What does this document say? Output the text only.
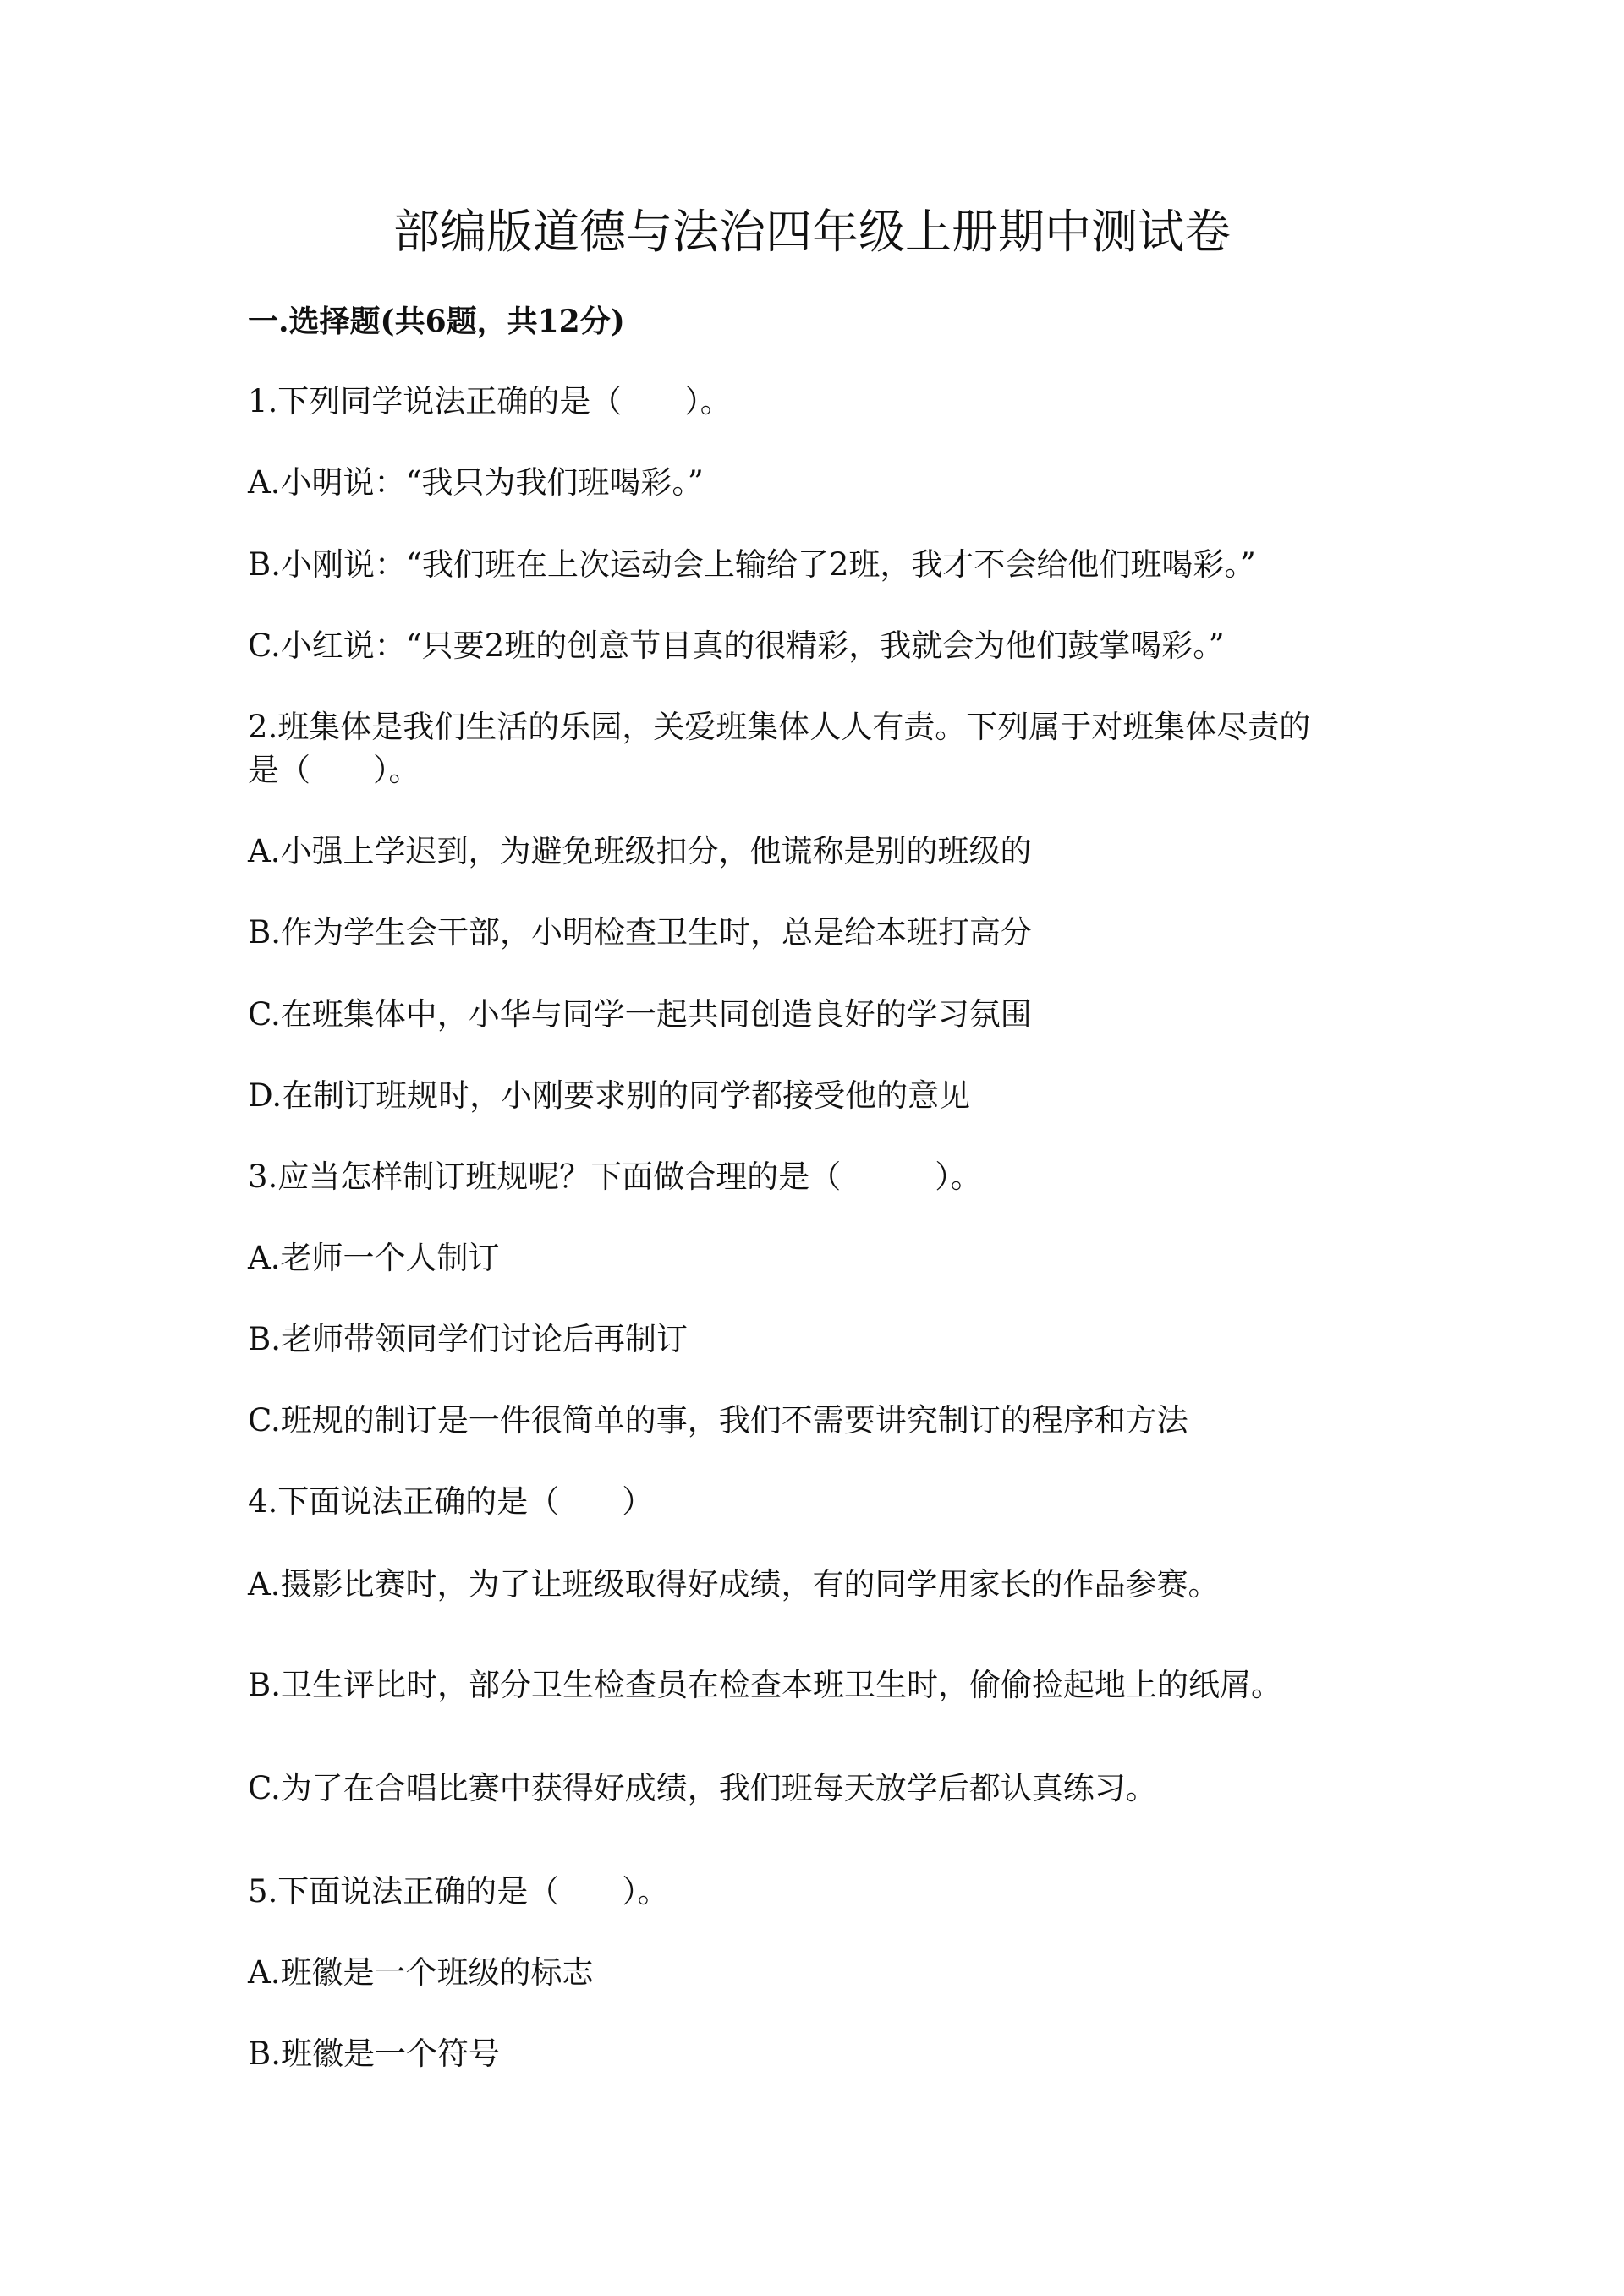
部编版道德与法治四年级上册期中测试卷
一.选择题(共6题，共12分)
1.下列同学说法正确的是（　　）。
A.小明说：“我只为我们班喝彩。”
B.小刚说：“我们班在上次运动会上输给了2班，我才不会给他们班喝彩。”
C.小红说：“只要2班的创意节目真的很精彩，我就会为他们鼓掌喝彩。”
2.班集体是我们生活的乐园，关爱班集体人人有责。下列属于对班集体尽责的
是（　　）。
A.小强上学迟到，为避免班级扣分，他谎称是别的班级的
B.作为学生会干部，小明检查卫生时，总是给本班打高分
C.在班集体中，小华与同学一起共同创造良好的学习氛围
D.在制订班规时，小刚要求别的同学都接受他的意见
3.应当怎样制订班规呢？下面做合理的是（　　　）。
A.老师一个人制订
B.老师带领同学们讨论后再制订
C.班规的制订是一件很简单的事，我们不需要讲究制订的程序和方法
4.下面说法正确的是（　　）
A.摄影比赛时，为了让班级取得好成绩，有的同学用家长的作品参赛。
B.卫生评比时，部分卫生检查员在检查本班卫生时，偷偷捡起地上的纸屑。
C.为了在合唱比赛中获得好成绩，我们班每天放学后都认真练习。
5.下面说法正确的是（　　）。
A.班徽是一个班级的标志
B.班徽是一个符号
